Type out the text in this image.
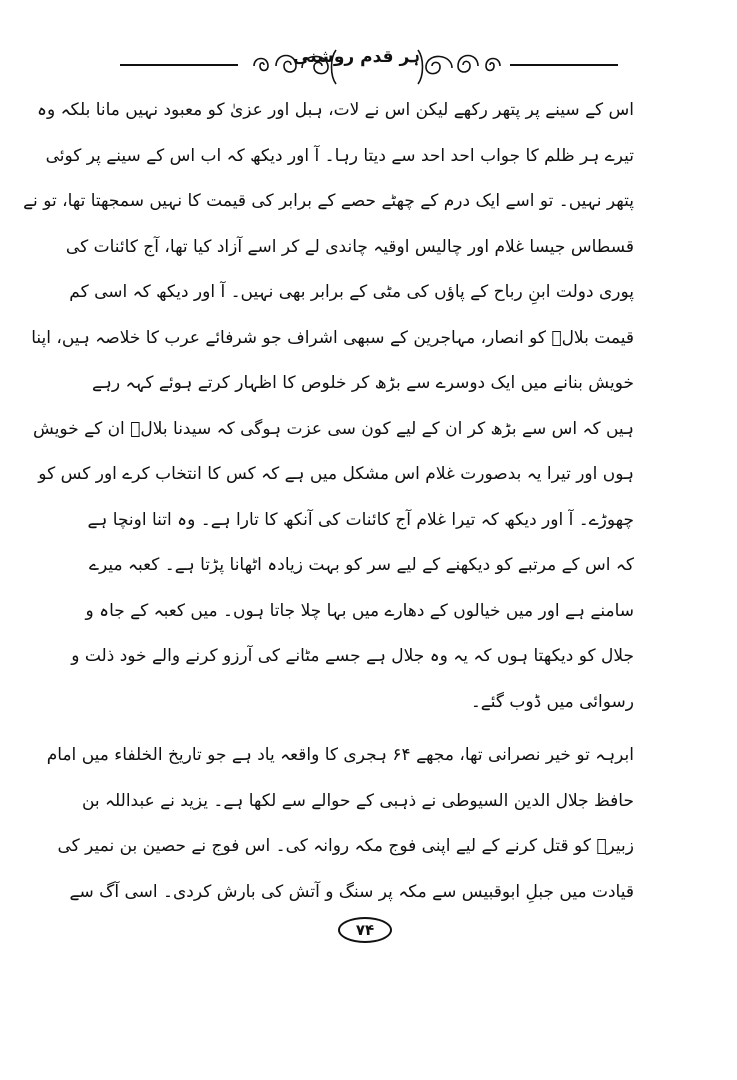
ہر قدم روشنی
اس کے سینے پر پتھر رکھے لیکن اس نے لات، ہبل اور عزیٰ کو معبود نہیں مانا بلکہ وہ
تیرے ہر ظلم کا جواب احد احد سے دیتا رہا۔ آ اور دیکھ کہ اب اس کے سینے پر کوئی
پتھر نہیں۔ تو اسے ایک درم کے چھٹے حصے کے برابر کی قیمت کا نہیں سمجھتا تھا، تو نے
قسطاس جیسا غلام اور چالیس اوقیہ چاندی لے کر اسے آزاد کیا تھا، آج کائنات کی
پوری دولت ابنِ رباح کے پاؤں کی مٹی کے برابر بھی نہیں۔ آ اور دیکھ کہ اسی کم
قیمت بلالؓ کو انصار، مہاجرین کے سبھی اشراف جو شرفائے عرب کا خلاصہ ہیں، اپنا
خویش بنانے میں ایک دوسرے سے بڑھ کر خلوص کا اظہار کرتے ہوئے کہہ رہے
ہیں کہ اس سے بڑھ کر ان کے لیے کون سی عزت ہوگی کہ سیدنا بلالؓ ان کے خویش
ہوں اور تیرا یہ بدصورت غلام اس مشکل میں ہے کہ کس کا انتخاب کرے اور کس کو
چھوڑے۔ آ اور دیکھ کہ تیرا غلام آج کائنات کی آنکھ کا تارا ہے۔ وہ اتنا اونچا ہے
کہ اس کے مرتبے کو دیکھنے کے لیے سر کو بہت زیادہ اٹھانا پڑتا ہے۔ کعبہ میرے
سامنے ہے اور میں خیالوں کے دھارے میں بہا چلا جاتا ہوں۔ میں کعبہ کے جاہ و
جلال کو دیکھتا ہوں کہ یہ وہ جلال ہے جسے مٹانے کی آرزو کرنے والے خود ذلت و
رسوائی میں ڈوب گئے۔
ابرہہ تو خیر نصرانی تھا، مجھے ۶۴ ہجری کا واقعہ یاد ہے جو تاریخ الخلفاء میں امام
حافظ جلال الدین السیوطی نے ذہبی کے حوالے سے لکھا ہے۔ یزید نے عبداللہ بن
زبیرؓ کو قتل کرنے کے لیے اپنی فوج مکہ روانہ کی۔ اس فوج نے حصین بن نمیر کی
قیادت میں جبلِ ابوقبیس سے مکہ پر سنگ و آتش کی بارش کردی۔ اسی آگ سے
۷۴
